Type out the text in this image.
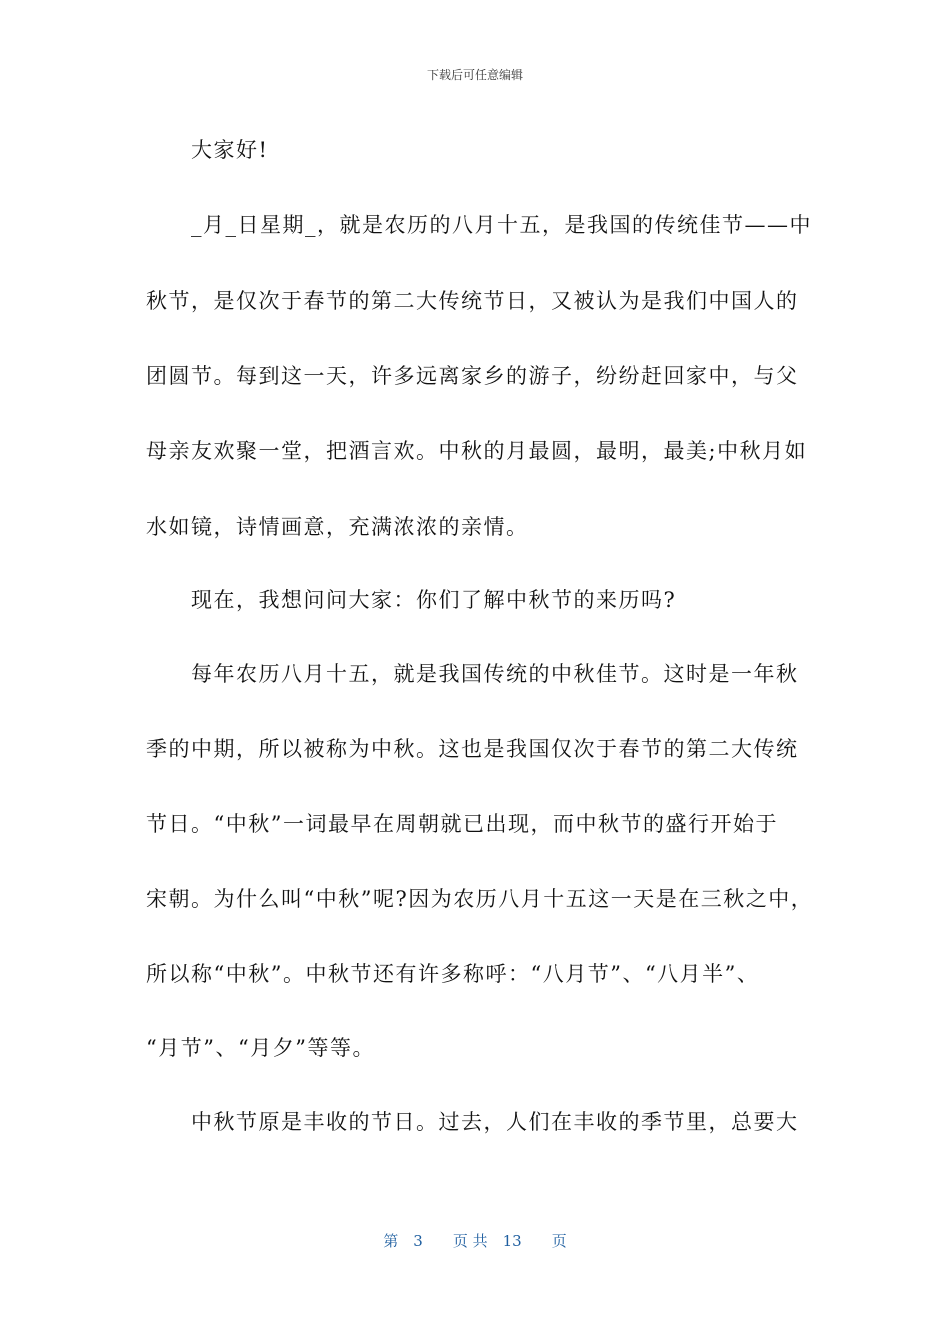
下载后可任意编辑
　　大家好!
　　_月_日星期_，就是农历的八月十五，是我国的传统佳节——中
秋节，是仅次于春节的第二大传统节日，又被认为是我们中国人的
团圆节。每到这一天，许多远离家乡的游子，纷纷赶回家中，与父
母亲友欢聚一堂，把酒言欢。中秋的月最圆，最明，最美;中秋月如
水如镜，诗情画意，充满浓浓的亲情。
　　现在，我想问问大家：你们了解中秋节的来历吗?
　　每年农历八月十五，就是我国传统的中秋佳节。这时是一年秋
季的中期，所以被称为中秋。这也是我国仅次于春节的第二大传统
节日。“中秋”一词最早在周朝就已出现，而中秋节的盛行开始于
宋朝。为什么叫“中秋”呢?因为农历八月十五这一天是在三秋之中，
所以称“中秋”。中秋节还有许多称呼：“八月节”、“八月半”、
“月节”、“月夕”等等。
　　中秋节原是丰收的节日。过去，人们在丰收的季节里，总要大
第　3　　页 共　13　　页
